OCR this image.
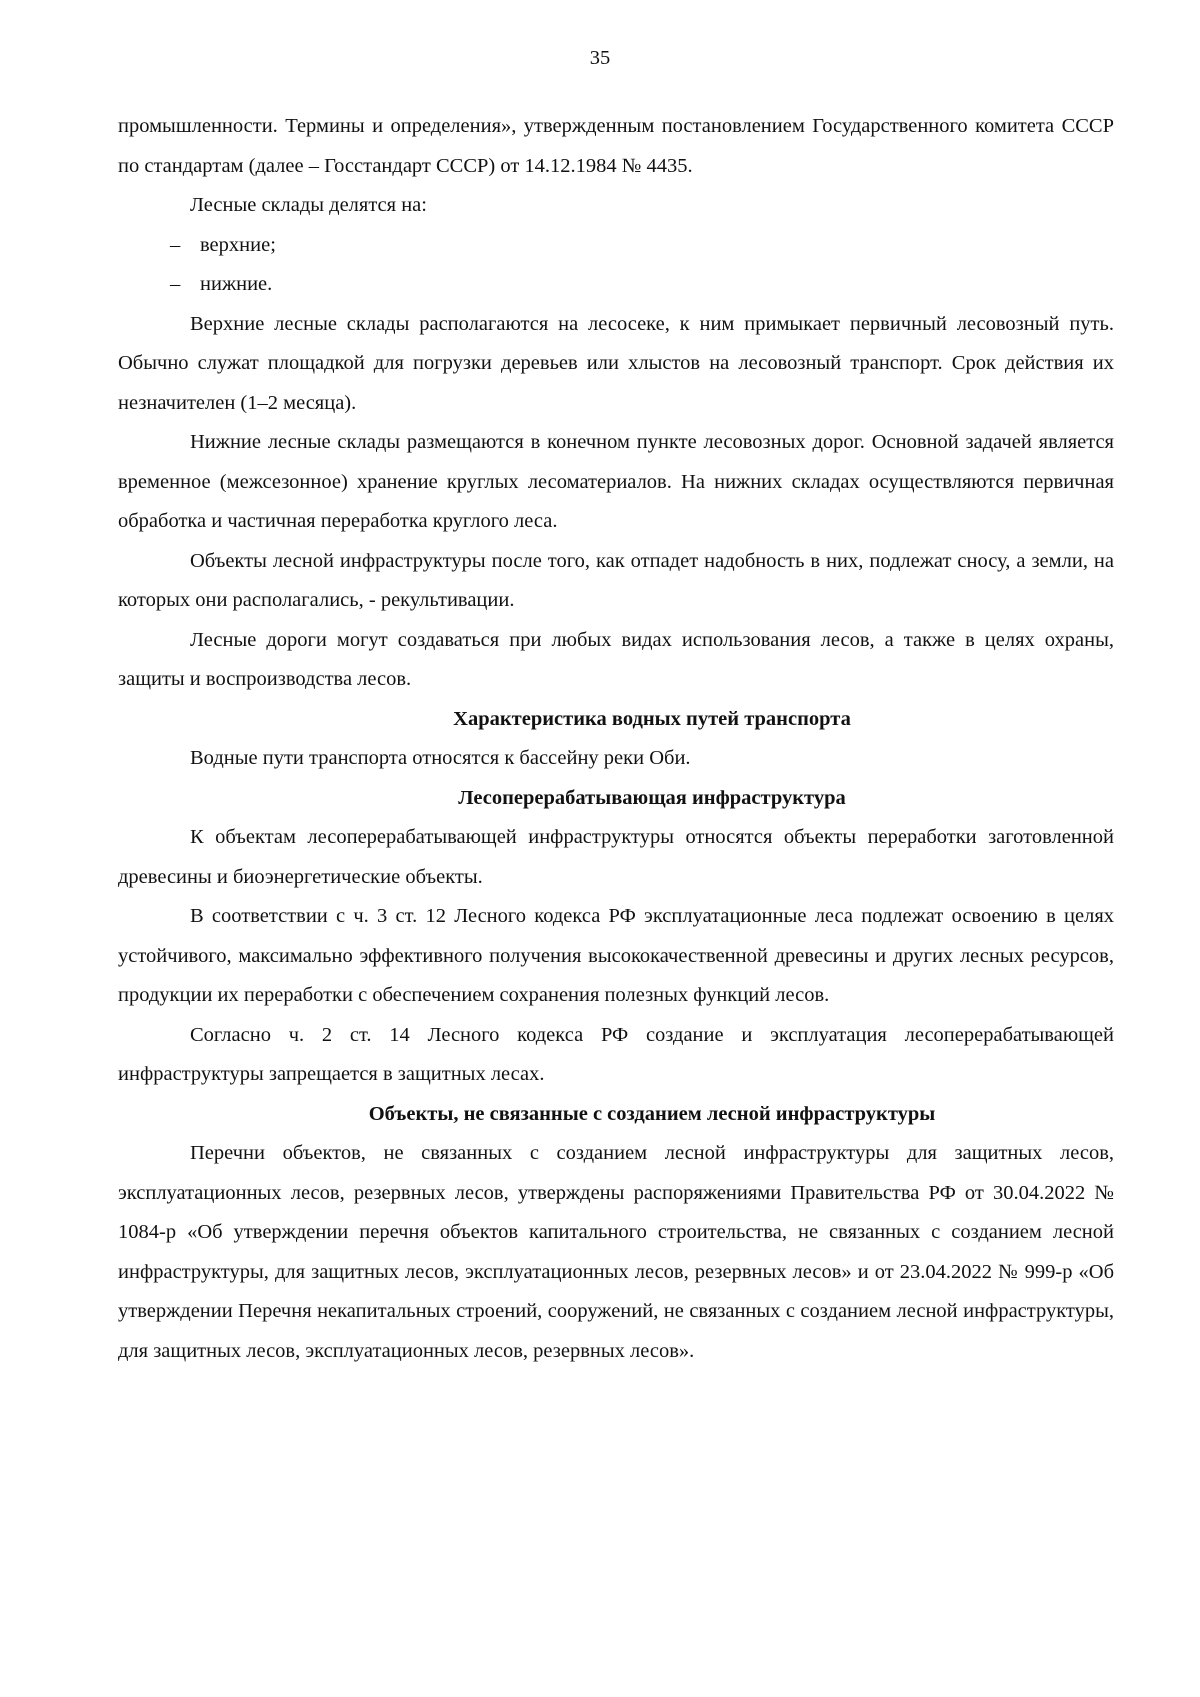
35

промышленности. Термины и определения», утвержденным постановлением Государственного комитета СССР по стандартам (далее – Госстандарт СССР) от 14.12.1984 № 4435.

Лесные склады делятся на:

– верхние;

– нижние.

Верхние лесные склады располагаются на лесосеке, к ним примыкает первичный лесовозный путь. Обычно служат площадкой для погрузки деревьев или хлыстов на лесовозный транспорт. Срок действия их незначителен (1–2 месяца).

Нижние лесные склады размещаются в конечном пункте лесовозных дорог. Основной задачей является временное (межсезонное) хранение круглых лесоматериалов. На нижних складах осуществляются первичная обработка и частичная переработка круглого леса.

Объекты лесной инфраструктуры после того, как отпадет надобность в них, подлежат сносу, а земли, на которых они располагались, - рекультивации.

Лесные дороги могут создаваться при любых видах использования лесов, а также в целях охраны, защиты и воспроизводства лесов.

Характеристика водных путей транспорта

Водные пути транспорта относятся к бассейну реки Оби.

Лесоперерабатывающая инфраструктура

К объектам лесоперерабатывающей инфраструктуры относятся объекты переработки заготовленной древесины и биоэнергетические объекты.

В соответствии с ч. 3 ст. 12 Лесного кодекса РФ эксплуатационные леса подлежат освоению в целях устойчивого, максимально эффективного получения высококачественной древесины и других лесных ресурсов, продукции их переработки с обеспечением сохранения полезных функций лесов.

Согласно ч. 2 ст. 14 Лесного кодекса РФ создание и эксплуатация лесоперерабатывающей инфраструктуры запрещается в защитных лесах.

Объекты, не связанные с созданием лесной инфраструктуры

Перечни объектов, не связанных с созданием лесной инфраструктуры для защитных лесов, эксплуатационных лесов, резервных лесов, утверждены распоряжениями Правительства РФ от 30.04.2022 № 1084-р «Об утверждении перечня объектов капитального строительства, не связанных с созданием лесной инфраструктуры, для защитных лесов, эксплуатационных лесов, резервных лесов» и от 23.04.2022 № 999-р «Об утверждении Перечня некапитальных строений, сооружений, не связанных с созданием лесной инфраструктуры, для защитных лесов, эксплуатационных лесов, резервных лесов».
